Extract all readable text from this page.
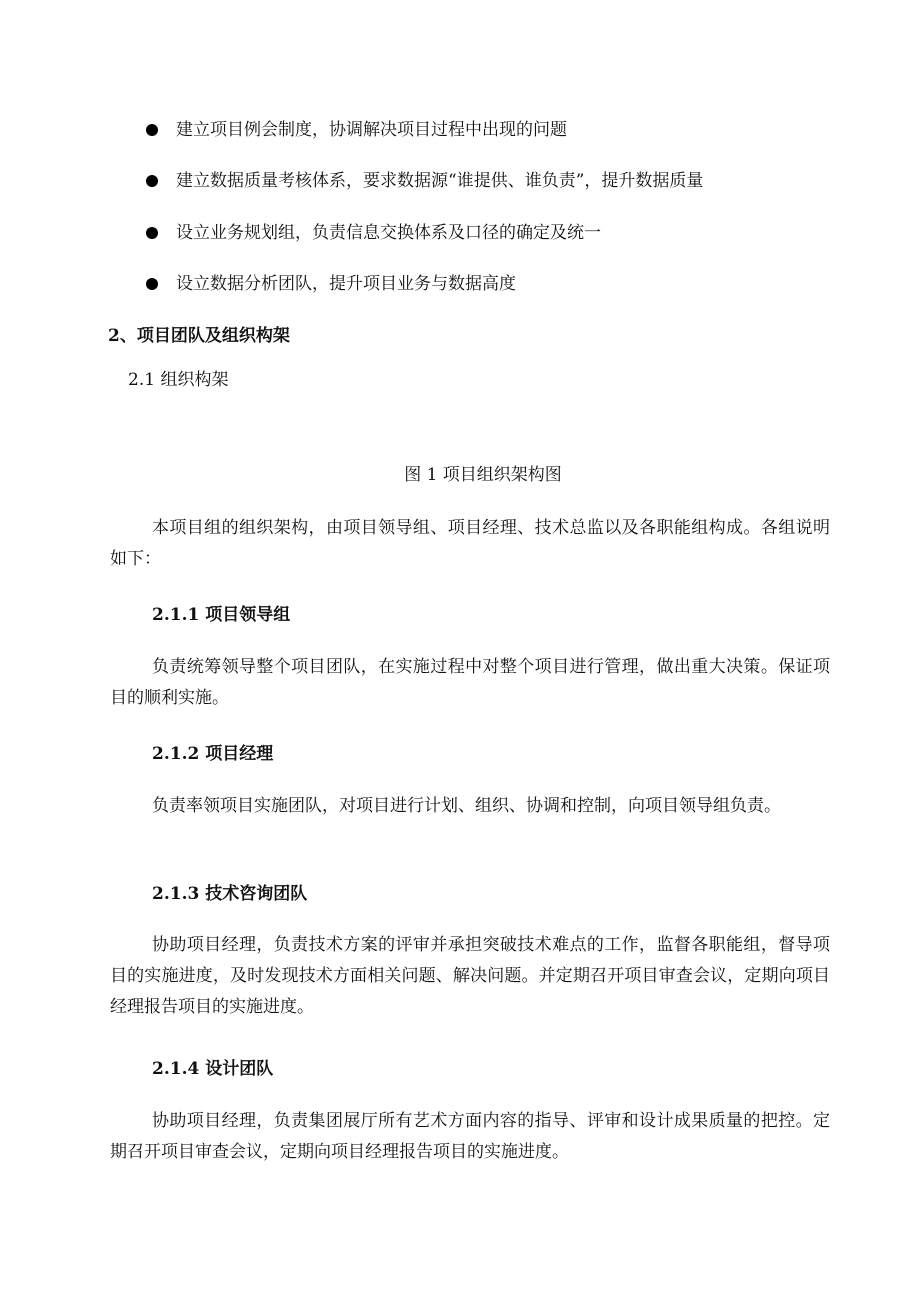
建立项目例会制度，协调解决项目过程中出现的问题
建立数据质量考核体系，要求数据源“谁提供、谁负责”，提升数据质量
设立业务规划组，负责信息交换体系及口径的确定及统一
设立数据分析团队，提升项目业务与数据高度
2、项目团队及组织构架
2.1 组织构架
图 1 项目组织架构图
本项目组的组织架构，由项目领导组、项目经理、技术总监以及各职能组构成。各组说明如下：
2.1.1 项目领导组
负责统筹领导整个项目团队，在实施过程中对整个项目进行管理，做出重大决策。保证项目的顺利实施。
2.1.2 项目经理
负责率领项目实施团队，对项目进行计划、组织、协调和控制，向项目领导组负责。
2.1.3 技术咨询团队
协助项目经理，负责技术方案的评审并承担突破技术难点的工作，监督各职能组，督导项目的实施进度，及时发现技术方面相关问题、解决问题。并定期召开项目审查会议，定期向项目经理报告项目的实施进度。
2.1.4 设计团队
协助项目经理，负责集团展厅所有艺术方面内容的指导、评审和设计成果质量的把控。定期召开项目审查会议，定期向项目经理报告项目的实施进度。
